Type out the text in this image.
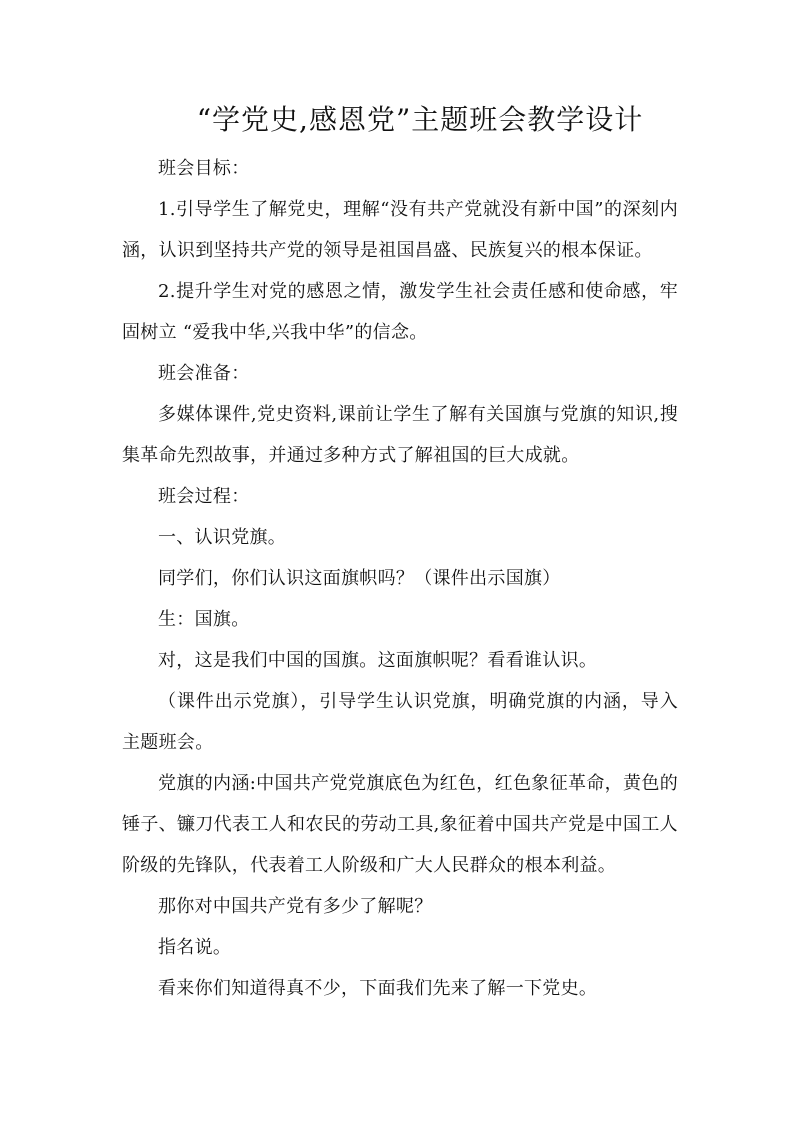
“学党史,感恩党”主题班会教学设计

班会目标：

1.引导学生了解党史，理解“没有共产党就没有新中国”的深刻内涵，认识到坚持共产党的领导是祖国昌盛、民族复兴的根本保证。

2.提升学生对党的感恩之情，激发学生社会责任感和使命感，牢固树立 “爱我中华,兴我中华”的信念。

班会准备：

多媒体课件,党史资料,课前让学生了解有关国旗与党旗的知识,搜集革命先烈故事，并通过多种方式了解祖国的巨大成就。

班会过程：

一、认识党旗。

同学们，你们认识这面旗帜吗？（课件出示国旗）

生：国旗。

对，这是我们中国的国旗。这面旗帜呢？看看谁认识。

（课件出示党旗），引导学生认识党旗，明确党旗的内涵，导入主题班会。

党旗的内涵:中国共产党党旗底色为红色，红色象征革命，黄色的锤子、镰刀代表工人和农民的劳动工具,象征着中国共产党是中国工人阶级的先锋队，代表着工人阶级和广大人民群众的根本利益。

那你对中国共产党有多少了解呢？

指名说。

看来你们知道得真不少，下面我们先来了解一下党史。
